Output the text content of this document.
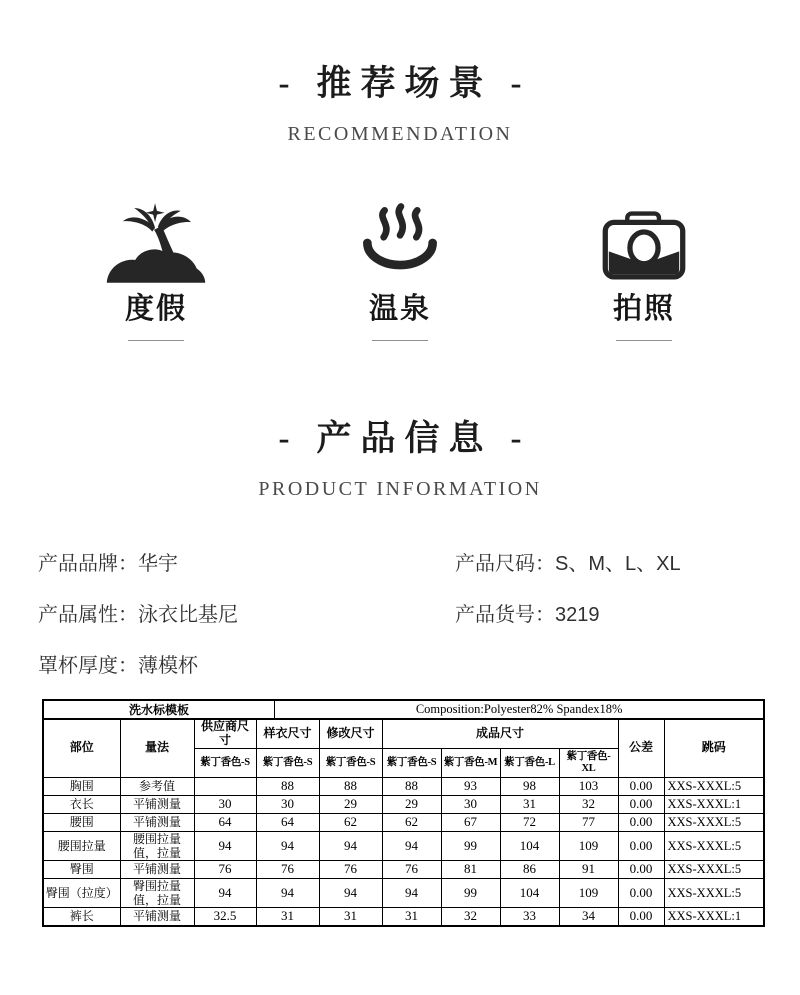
- 推荐场景 -
RECOMMENDATION
度假	温泉	拍照
- 产品信息 -
PRODUCT INFORMATION
产品品牌：华宇	产品尺码：S、M、L、XL
产品属性：泳衣比基尼	产品货号：3219
罩杯厚度：薄模杯
洗水标模板 Composition:Polyester82% Spandex18%										

部位	量法	供应商尺寸	样衣尺寸	修改尺寸	成品尺寸				公差	跳码
		紫丁香色-S	紫丁香色-S	紫丁香色-S	紫丁香色-S	紫丁香色-M	紫丁香色-L	紫丁香色-XL		
胸围	参考值		88	88	88	93	98	103	0.00	XXS-XXXL:5
衣长	平铺测量	30	30	29	29	30	31	32	0.00	XXS-XXXL:1
腰围	平铺测量	64	64	62	62	67	72	77	0.00	XXS-XXXL:5
腰围拉量	腰围拉量值，拉量	94	94	94	94	99	104	109	0.00	XXS-XXXL:5
臀围	平铺测量	76	76	76	76	81	86	91	0.00	XXS-XXXL:5
臀围（拉度）	臀围拉量值，拉量	94	94	94	94	99	104	109	0.00	XXS-XXXL:5
裤长	平铺测量	32.5	31	31	31	32	33	34	0.00	XXS-XXXL:1
